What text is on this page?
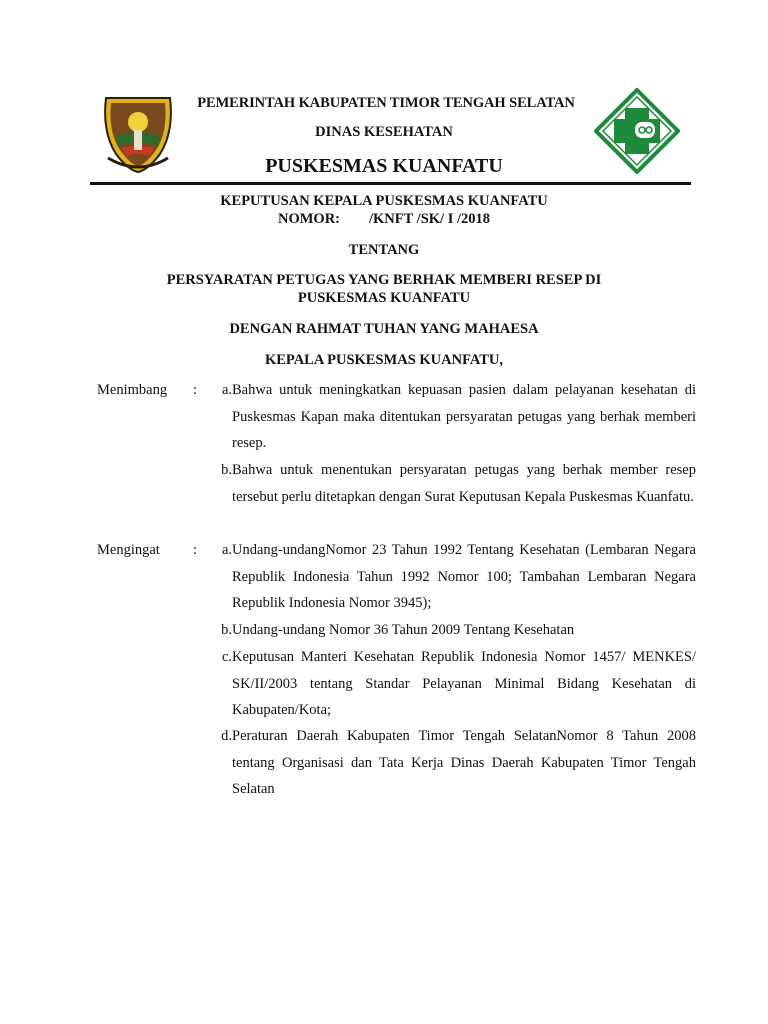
PEMERINTAH KABUPATEN TIMOR TENGAH SELATAN
DINAS KESEHATAN
PUSKESMAS KUANFATU
KEPUTUSAN KEPALA PUSKESMAS KUANFATU
NOMOR:        /KNFT /SK/ I /2018
TENTANG
PERSYARATAN PETUGAS YANG BERHAK MEMBERI RESEP DI
PUSKESMAS KUANFATU
DENGAN RAHMAT TUHAN YANG MAHAESA
KEPALA PUSKESMAS KUANFATU,
Menimbang :	a. Bahwa untuk meningkatkan kepuasan pasien dalam pelayanan kesehatan di Puskesmas Kapan maka ditentukan persyaratan petugas yang berhak memberi resep.
b. Bahwa untuk menentukan persyaratan petugas yang berhak member resep tersebut perlu ditetapkan dengan Surat Keputusan Kepala Puskesmas Kuanfatu.
Mengingat :	a. Undang-undangNomor 23 Tahun 1992 Tentang Kesehatan (Lembaran Negara Republik Indonesia Tahun 1992 Nomor 100; Tambahan Lembaran Negara Republik Indonesia Nomor 3945);
b. Undang-undang Nomor 36 Tahun 2009 Tentang Kesehatan
c. Keputusan Manteri Kesehatan Republik Indonesia Nomor 1457/ MENKES/ SK/II/2003 tentang Standar Pelayanan Minimal Bidang Kesehatan di Kabupaten/Kota;
d. Peraturan Daerah Kabupaten Timor Tengah SelatanNomor 8 Tahun 2008 tentang Organisasi dan Tata Kerja Dinas Daerah Kabupaten Timor Tengah Selatan
